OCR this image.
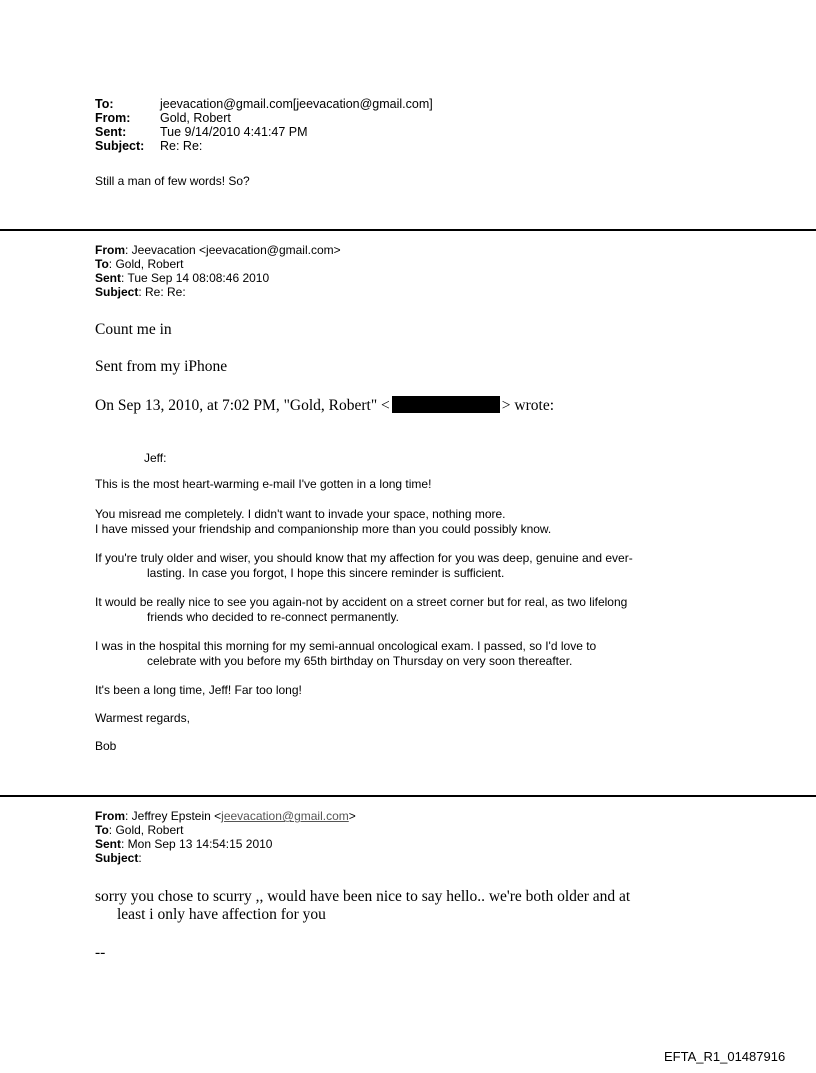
To:	jeevacation@gmail.com[jeevacation@gmail.com]
From:	Gold, Robert
Sent:	Tue 9/14/2010 4:41:47 PM
Subject:	Re: Re:
Still a man of few words! So?
From: Jeevacation <jeevacation@gmail.com>
To: Gold, Robert
Sent: Tue Sep 14 08:08:46 2010
Subject: Re: Re:
Count me in
Sent from my iPhone
On Sep 13, 2010, at 7:02 PM, "Gold, Robert" <	> wrote:
Jeff:
This is the most heart-warming e-mail I've gotten in a long time!
You misread me completely. I didn't want to invade your space, nothing more.
I have missed your friendship and companionship more than you could possibly know.
If you're truly older and wiser, you should know that my affection for you was deep, genuine and ever-
lasting. In case you forgot, I hope this sincere reminder is sufficient.
It would be really nice to see you again-not by accident on a street corner but for real, as two lifelong
friends who decided to re-connect permanently.
I was in the hospital this morning for my semi-annual oncological exam. I passed, so I'd love to
celebrate with you before my 65th birthday on Thursday on very soon thereafter.
It's been a long time, Jeff! Far too long!
Warmest regards,
Bob
From: Jeffrey Epstein <jeevacation@gmail.com>
To: Gold, Robert
Sent: Mon Sep 13 14:54:15 2010
Subject:
sorry you chose to scurry ,, would have been nice to say hello.. we're both older and at
least i only have affection for you
--
EFTA_R1_01487916
